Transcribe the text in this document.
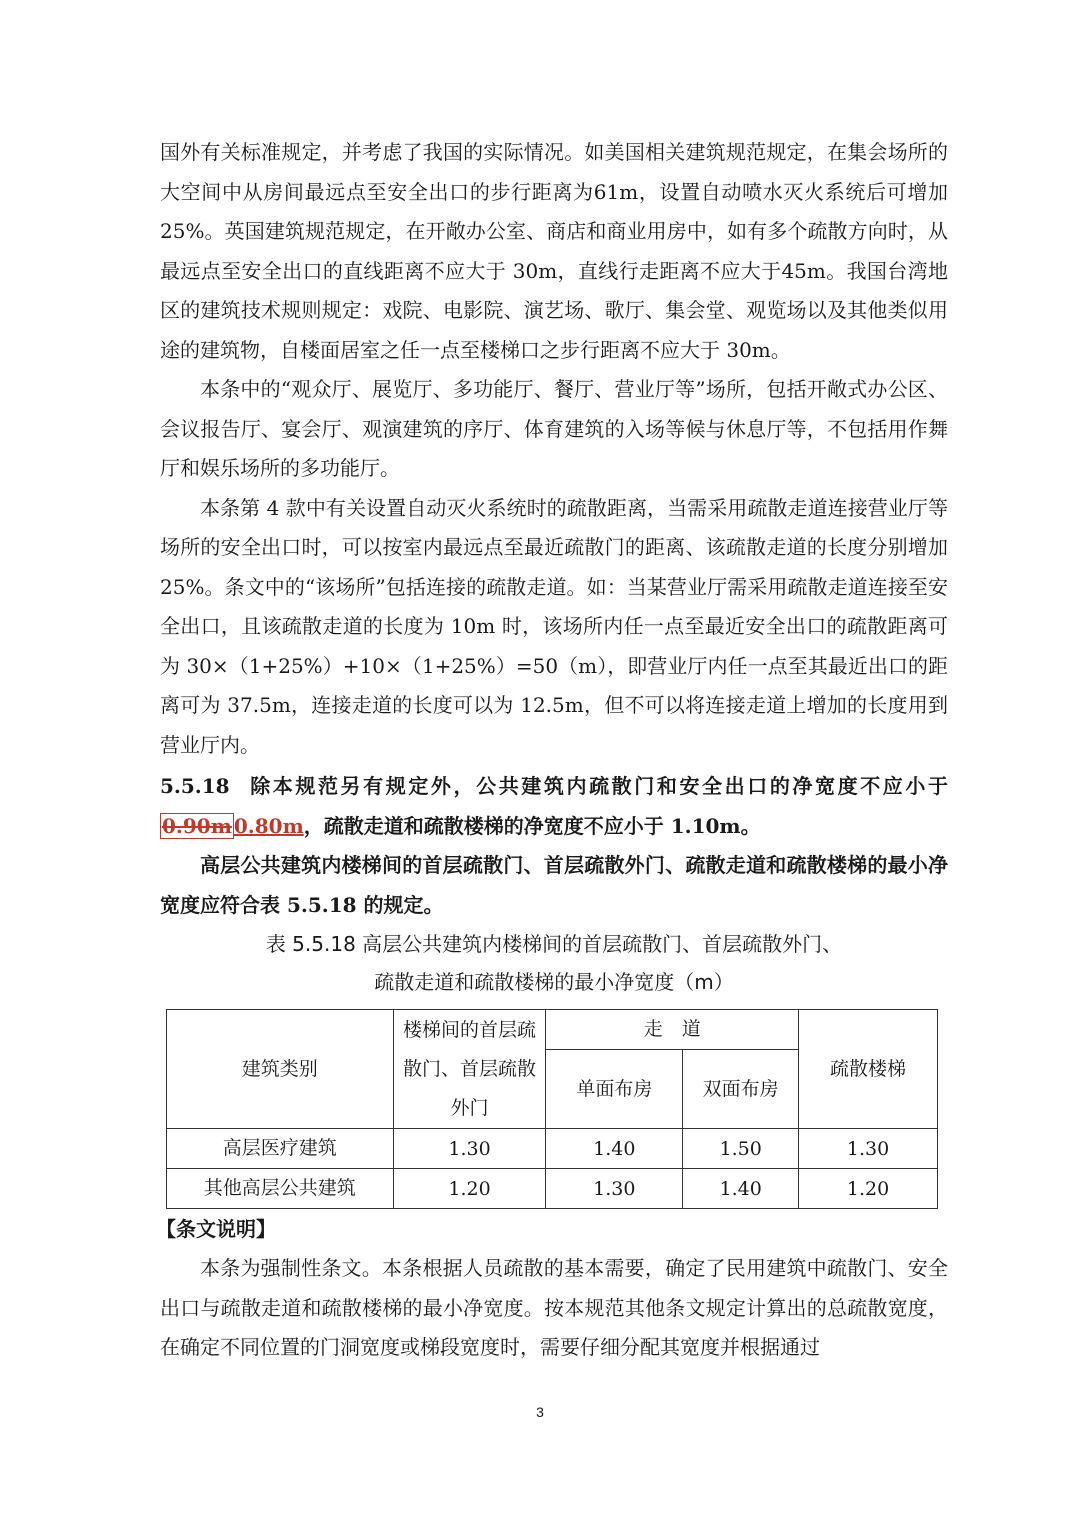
国外有关标准规定，并考虑了我国的实际情况。如美国相关建筑规范规定，在集会场所的大空间中从房间最远点至安全出口的步行距离为61m，设置自动喷水灭火系统后可增加 25%。英国建筑规范规定，在开敞办公室、商店和商业用房中，如有多个疏散方向时，从最远点至安全出口的直线距离不应大于 30m，直线行走距离不应大于45m。我国台湾地区的建筑技术规则规定：戏院、电影院、演艺场、歌厅、集会堂、观览场以及其他类似用途的建筑物，自楼面居室之任一点至楼梯口之步行距离不应大于 30m。

本条中的“观众厅、展览厅、多功能厅、餐厅、营业厅等”场所，包括开敞式办公区、会议报告厅、宴会厅、观演建筑的序厅、体育建筑的入场等候与休息厅等，不包括用作舞厅和娱乐场所的多功能厅。

本条第 4 款中有关设置自动灭火系统时的疏散距离，当需采用疏散走道连接营业厅等场所的安全出口时，可以按室内最远点至最近疏散门的距离、该疏散走道的长度分别增加 25%。条文中的“该场所”包括连接的疏散走道。如：当某营业厅需采用疏散走道连接至安全出口，且该疏散走道的长度为 10m 时，该场所内任一点至最近安全出口的疏散距离可为 30×（1+25%）+10×（1+25%）=50（m），即营业厅内任一点至其最近出口的距离可为 37.5m，连接走道的长度可以为 12.5m，但不可以将连接走道上增加的长度用到营业厅内。

5.5.18 除本规范另有规定外，公共建筑内疏散门和安全出口的净宽度不应小于0.90m 0.80m，疏散走道和疏散楼梯的净宽度不应小于 1.10m。

高层公共建筑内楼梯间的首层疏散门、首层疏散外门、疏散走道和疏散楼梯的最小净宽度应符合表 5.5.18 的规定。

表 5.5.18 高层公共建筑内楼梯间的首层疏散门、首层疏散外门、

疏散走道和疏散楼梯的最小净宽度（m）

建筑类别	楼梯间的首层疏散门、首层疏散外门	走　道		疏散楼梯
		单面布房	双面布房	
高层医疗建筑	1.30	1.40	1.50	1.30
其他高层公共建筑	1.20	1.30	1.40	1.20

【条文说明】

本条为强制性条文。本条根据人员疏散的基本需要，确定了民用建筑中疏散门、安全出口与疏散走道和疏散楼梯的最小净宽度。按本规范其他条文规定计算出的总疏散宽度，在确定不同位置的门洞宽度或梯段宽度时，需要仔细分配其宽度并根据通过

3
